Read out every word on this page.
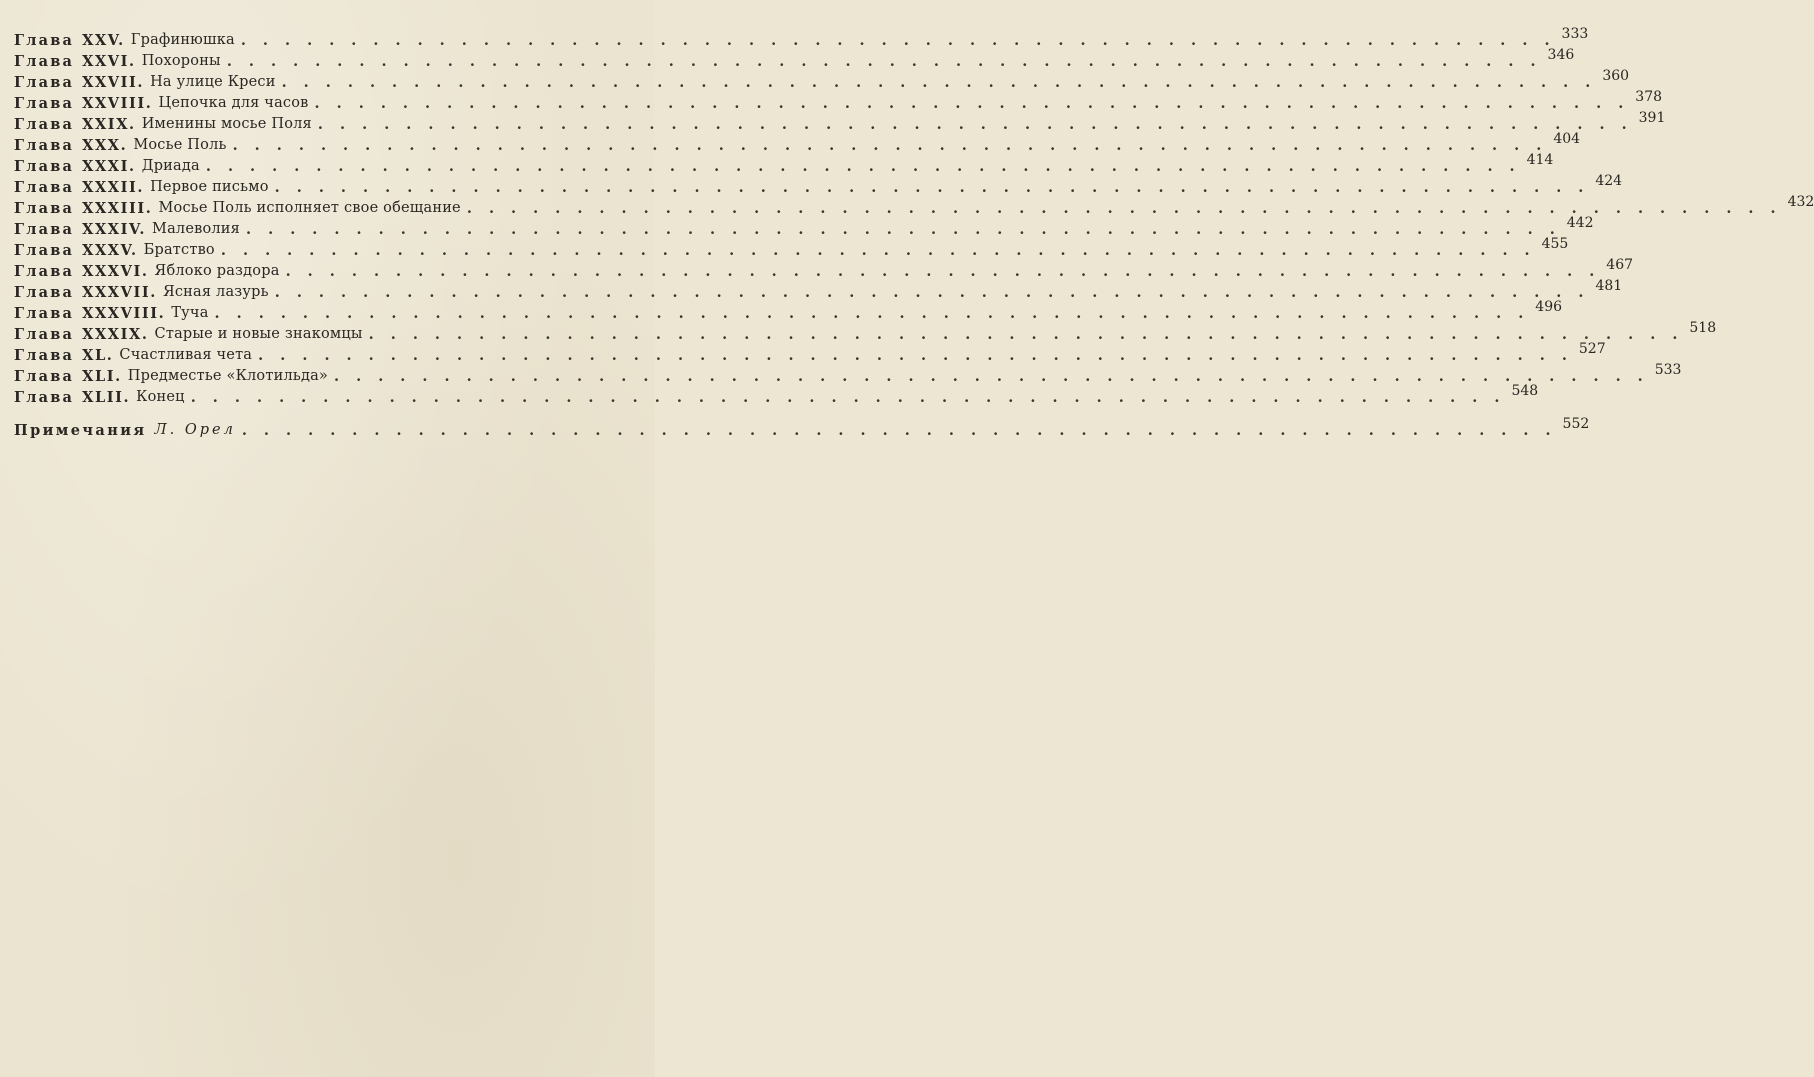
Глава XXV. Графинюшка . . . . . . . . . . . . . . . . . . . . . . . . . . . . . . . . . . . . . . . . . . . . . . . . . . . . . . . . . . . . 333
Глава XXVI. Похороны . . . . . . . . . . . . . . . . . . . . . . . . . . . . . . . . . . . . . . . . . . . . . . . . . . . . . . . . . . . . 346
Глава XXVII. На улице Креси . . . . . . . . . . . . . . . . . . . . . . . . . . . . . . . . . . . . . . . . . . . . . . . . . . . . . . . . . . . . 360
Глава XXVIII. Цепочка для часов . . . . . . . . . . . . . . . . . . . . . . . . . . . . . . . . . . . . . . . . . . . . . . . . . . . . . . . . . . . . 378
Глава XXIX. Именины мосье Поля . . . . . . . . . . . . . . . . . . . . . . . . . . . . . . . . . . . . . . . . . . . . . . . . . . . . . . . . . . . . 391
Глава XXX. Мосье Поль . . . . . . . . . . . . . . . . . . . . . . . . . . . . . . . . . . . . . . . . . . . . . . . . . . . . . . . . . . . . 404
Глава XXXI. Дриада . . . . . . . . . . . . . . . . . . . . . . . . . . . . . . . . . . . . . . . . . . . . . . . . . . . . . . . . . . . . 414
Глава XXXII. Первое письмо . . . . . . . . . . . . . . . . . . . . . . . . . . . . . . . . . . . . . . . . . . . . . . . . . . . . . . . . . . . . 424
Глава XXXIII. Мосье Поль исполняет свое обещание . . . . . . . . . . . . . . . . . . . . . . . . . . . . . . . . . . . . . . . . . . . . . . . . . . . . . . . . . . . . 432
Глава XXXIV. Малеволия . . . . . . . . . . . . . . . . . . . . . . . . . . . . . . . . . . . . . . . . . . . . . . . . . . . . . . . . . . . . 442
Глава XXXV. Братство . . . . . . . . . . . . . . . . . . . . . . . . . . . . . . . . . . . . . . . . . . . . . . . . . . . . . . . . . . . . 455
Глава XXXVI. Яблоко раздора . . . . . . . . . . . . . . . . . . . . . . . . . . . . . . . . . . . . . . . . . . . . . . . . . . . . . . . . . . . . 467
Глава XXXVII. Ясная лазурь . . . . . . . . . . . . . . . . . . . . . . . . . . . . . . . . . . . . . . . . . . . . . . . . . . . . . . . . . . . . 481
Глава XXXVIII. Туча . . . . . . . . . . . . . . . . . . . . . . . . . . . . . . . . . . . . . . . . . . . . . . . . . . . . . . . . . . . . 496
Глава XXXIX. Старые и новые знакомцы . . . . . . . . . . . . . . . . . . . . . . . . . . . . . . . . . . . . . . . . . . . . . . . . . . . . . . . . . . . . 518
Глава XL. Счастливая чета . . . . . . . . . . . . . . . . . . . . . . . . . . . . . . . . . . . . . . . . . . . . . . . . . . . . . . . . . . . . 527
Глава XLI. Предместье «Клотильда» . . . . . . . . . . . . . . . . . . . . . . . . . . . . . . . . . . . . . . . . . . . . . . . . . . . . . . . . . . . . 533
Глава XLII. Конец . . . . . . . . . . . . . . . . . . . . . . . . . . . . . . . . . . . . . . . . . . . . . . . . . . . . . . . . . . . . 548
Примечания Л. Орел . . . . . . . . . . . . . . . . . . . . . . . . . . . . . . . . . . . . . . . . . . . . . . . . . . . . . . . . . . . . 552
